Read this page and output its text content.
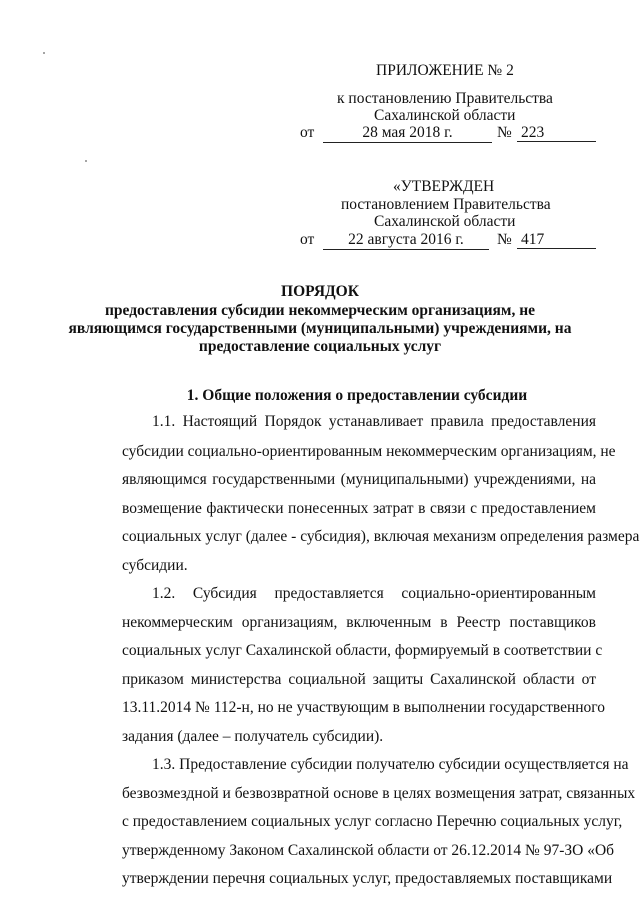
ПРИЛОЖЕНИЕ № 2
к постановлению Правительства
Сахалинской области
от	28 мая 2018 г.	№ 223
«УТВЕРЖДЕН
постановлением Правительства
Сахалинской области
от	22 августа 2016 г.	№ 417
ПОРЯДОК
предоставления субсидии некоммерческим организациям, не
являющимся государственными (муниципальными) учреждениями, на
предоставление социальных услуг
1. Общие положения о предоставлении субсидии
1.1. Настоящий Порядок устанавливает правила предоставления
субсидии социально-ориентированным некоммерческим организациям, не
являющимся государственными (муниципальными) учреждениями, на
возмещение фактически понесенных затрат в связи с предоставлением
социальных услуг (далее - субсидия), включая механизм определения размера
субсидии.
1.2. Субсидия предоставляется социально-ориентированным
некоммерческим организациям, включенным в Реестр поставщиков
социальных услуг Сахалинской области, формируемый в соответствии с
приказом министерства социальной защиты Сахалинской области от
13.11.2014 № 112-н, но не участвующим в выполнении государственного
задания (далее – получатель субсидии).
1.3. Предоставление субсидии получателю субсидии осуществляется на
безвозмездной и безвозвратной основе в целях возмещения затрат, связанных
с предоставлением социальных услуг согласно Перечню социальных услуг,
утвержденному Законом Сахалинской области от 26.12.2014 № 97-ЗО «Об
утверждении перечня социальных услуг, предоставляемых поставщиками
